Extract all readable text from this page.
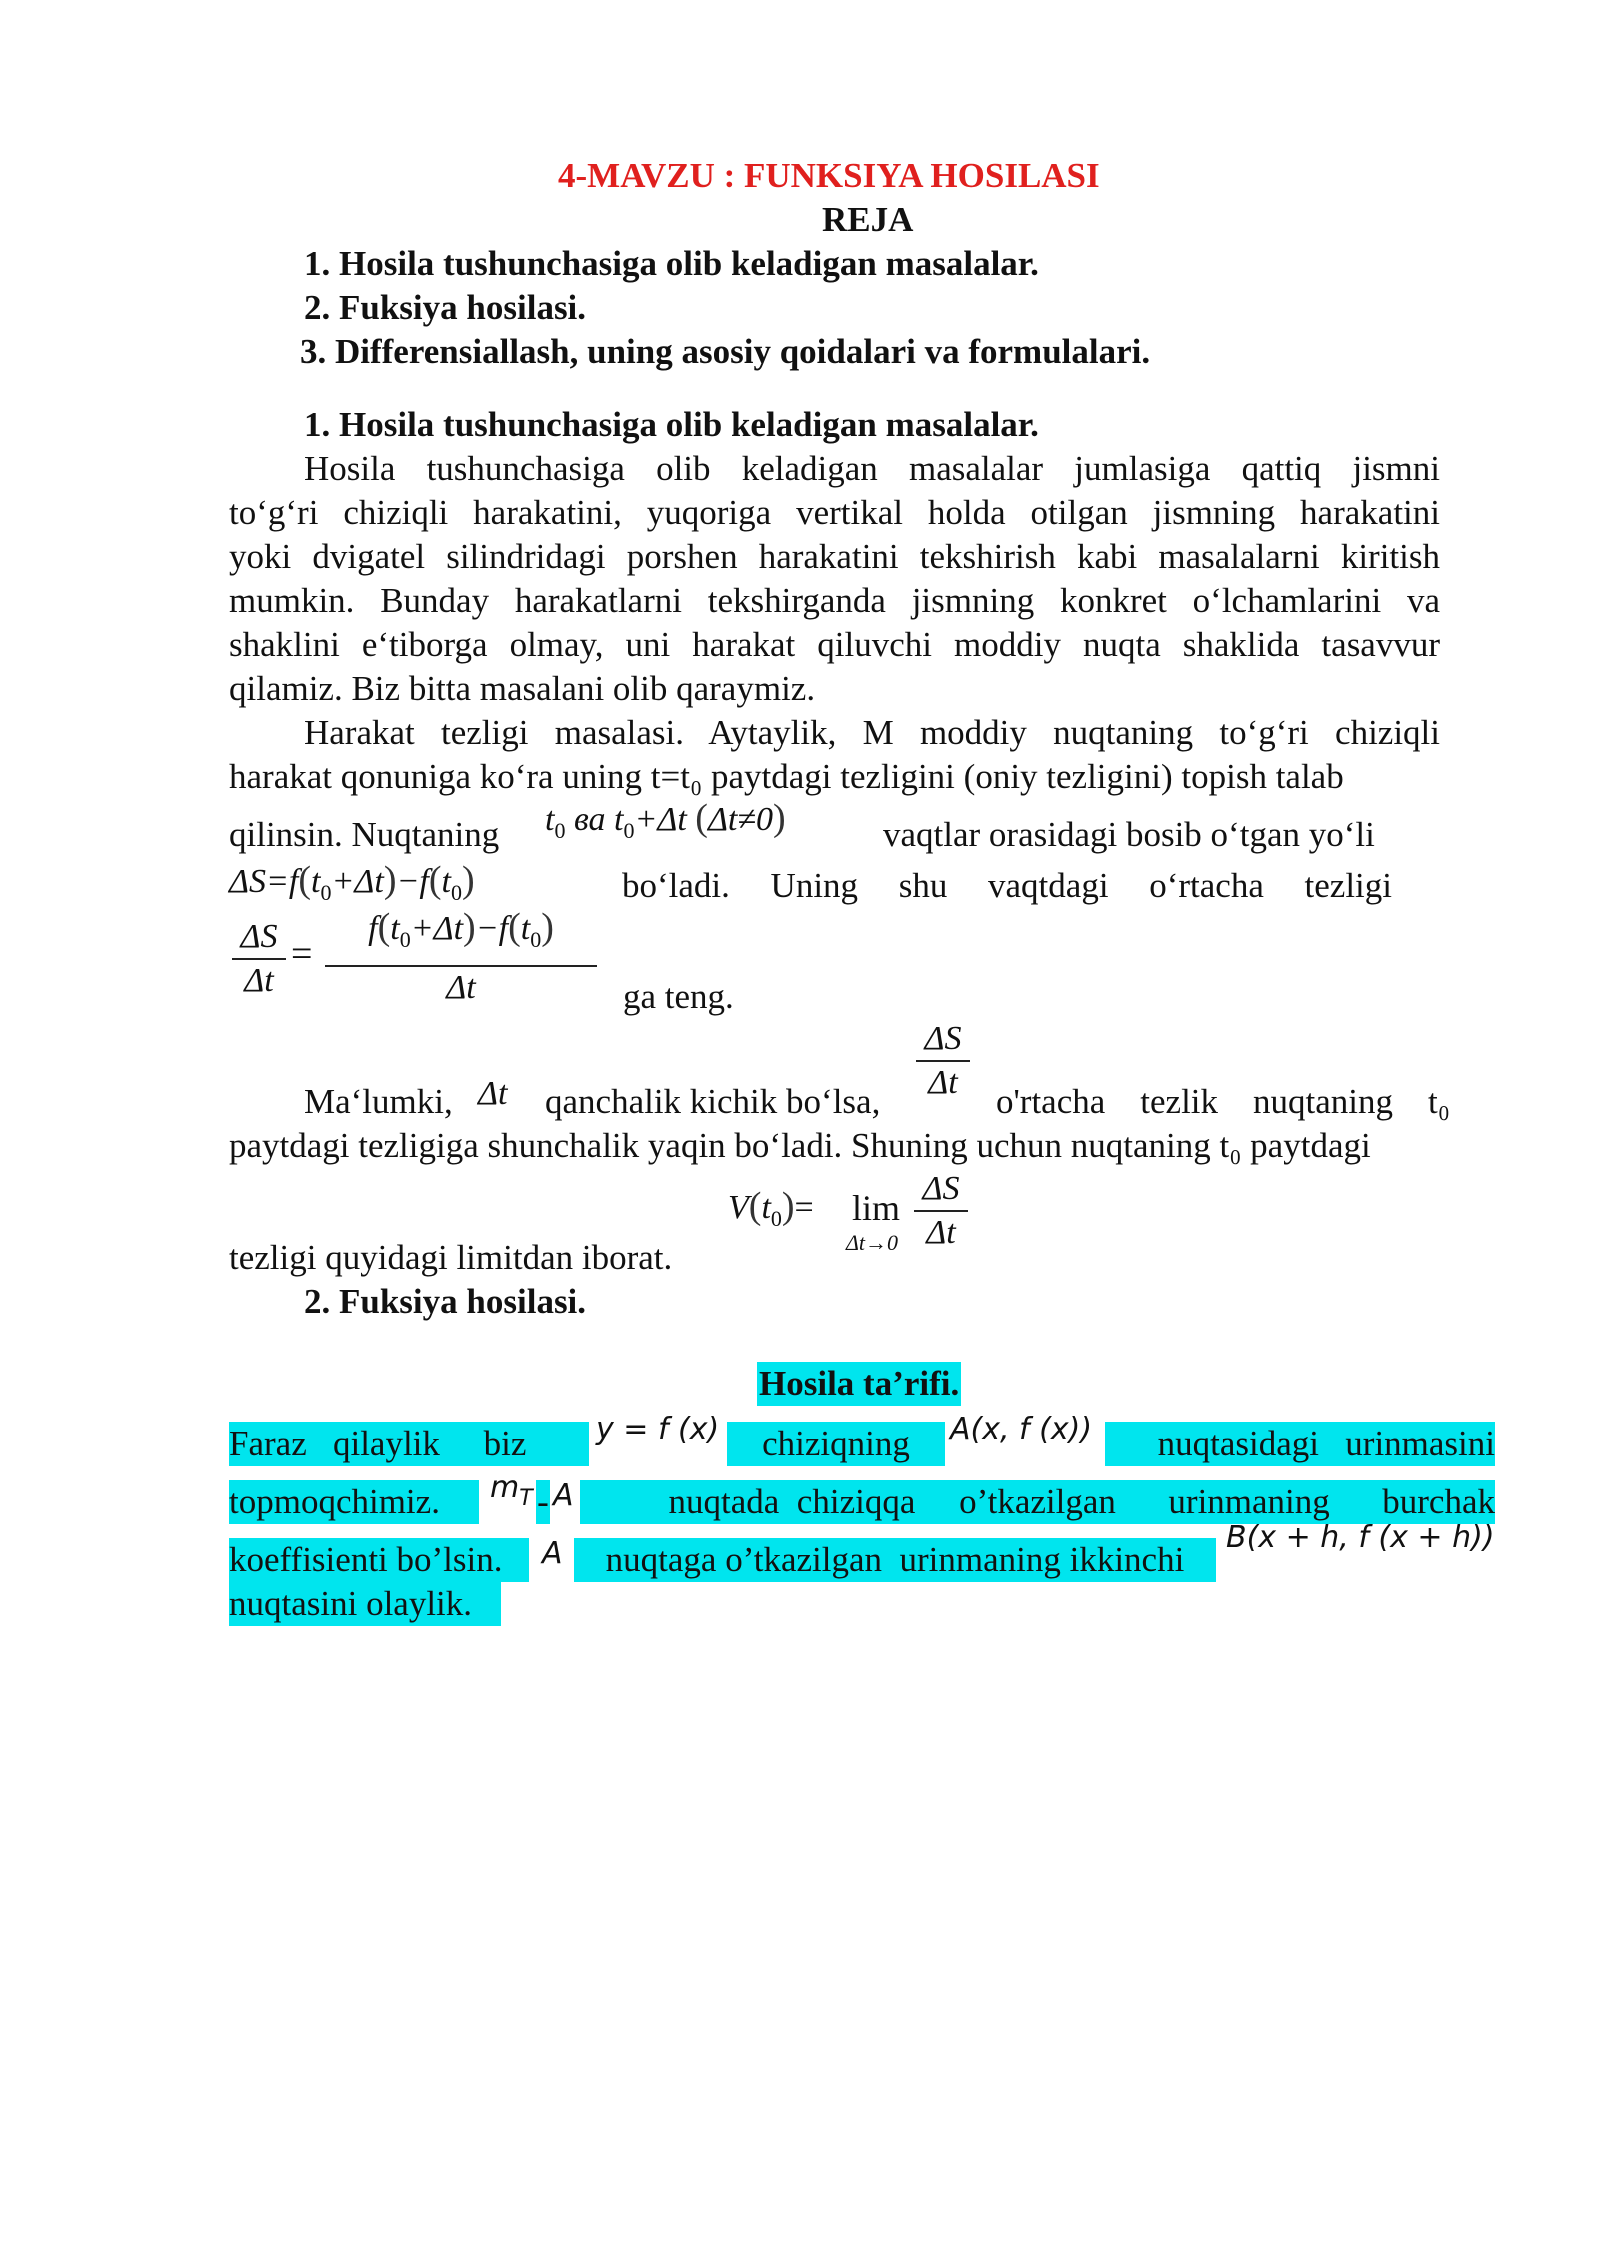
4-MAVZU : FUNKSIYA HOSILASI
REJA
1. Hosila tushunchasiga olib keladigan masalalar.
2. Fuksiya hosilasi.
3. Differensiallash, uning asosiy qoidalari va formulalari.
1. Hosila tushunchasiga olib keladigan masalalar.
Hosila tushunchasiga olib keladigan masalalar jumlasiga qattiq jismni
to‘g‘ri chiziqli harakatini, yuqoriga vertikal holda otilgan jismning harakatini
yoki dvigatel silindridagi porshen harakatini tekshirish kabi masalalarni kiritish
mumkin. Bunday harakatlarni tekshirganda jismning konkret o‘lchamlarini va
shaklini e‘tiborga olmay, uni harakat qiluvchi moddiy nuqta shaklida tasavvur
qilamiz. Biz bitta masalani olib qaraymiz.
Harakat tezligi masalasi. Aytaylik, M moddiy nuqtaning to‘g‘ri chiziqli
harakat qonuniga ko‘ra uning t=t₀ paytdagi tezligini (oniy tezligini) topish talab
qilinsin. Nuqtaning $t_0$ ва $t_0+\Delta t$ (Δt≠0)	vaqtlar orasidagi bosib o‘tgan yo‘li
$\Delta S=f(t_0+\Delta t)-f(t_0)$	bo‘ladi. Uning shu vaqtdagi o‘rtacha tezligi
ΔS
Δt
=
$f(t_0+\Delta t)-f(t_0)$
Δt	ga teng.
ΔS
Δt
Ma‘lumki, Δt qanchalik kichik bo‘lsa,	o'rtacha    tezlik    nuqtaning    t₀
paytdagi tezligiga shunchalik yaqin bo‘ladi. Shuning uchun nuqtaning t₀ paytdagi
$V(t_0)= \lim$
Δt→0
ΔS
Δt
tezligi quyidagi limitdan iborat.
2. Fuksiya hosilasi.
Hosila ta’rifi.
Faraz   qilaylik     biz	y = f (x)	chiziqning	A(x, f (x))	nuqtasidagi   urinmasini
topmoqchimiz.	$m_T$ - A	nuqtada  chiziqqa     o’tkazilgan      urinmaning      burchak
koeffisienti bo’lsin.	A	nuqtaga o’tkazilgan  urinmaning ikkinchi
B(x + h, f (x + h))
nuqtasini olaylik.
